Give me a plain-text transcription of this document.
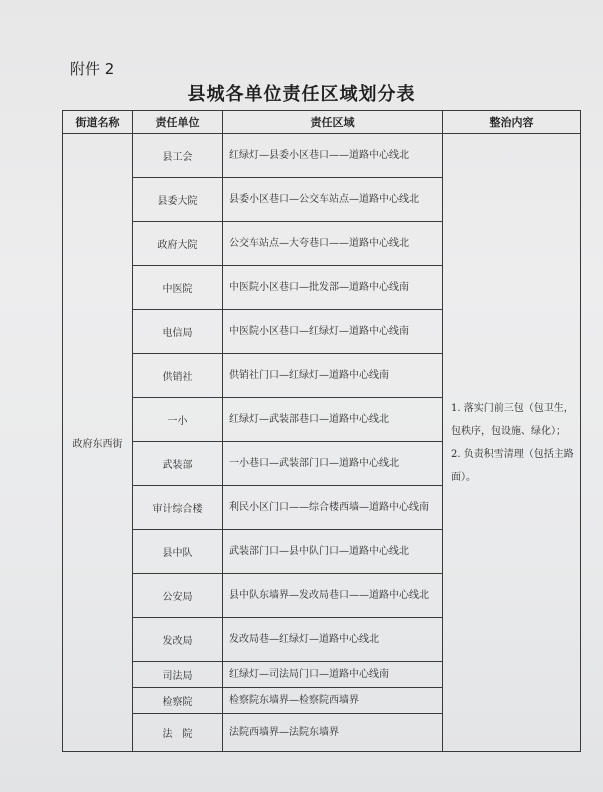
附件 2
县城各单位责任区域划分表
街道名称	责任单位	责任区域	整治内容
政府东西街	县工会	红绿灯—县委小区巷口——道路中心线北	1. 落实门前三包（包卫生，包秩序，包设施、绿化）；
2. 负责积雪清理（包括主路面）。
	县委大院	县委小区巷口—公交车站点—道路中心线北	
	政府大院	公交车站点—大夸巷口——道路中心线北	
	中医院	中医院小区巷口—批发部—道路中心线南	
	电信局	中医院小区巷口—红绿灯—道路中心线南	
	供销社	供销社门口—红绿灯—道路中心线南	
	一小	红绿灯—武装部巷口—道路中心线北	
	武装部	一小巷口—武装部门口—道路中心线北	
	审计综合楼	利民小区门口——综合楼西墙—道路中心线南	
	县中队	武装部门口—县中队门口—道路中心线北	
	公安局	县中队东墙界—发改局巷口——道路中心线北	
	发改局	发改局巷—红绿灯—道路中心线北	
	司法局	红绿灯—司法局门口—道路中心线南	
	检察院	检察院东墙界—检察院西墙界	
	法　院	法院西墙界—法院东墙界	
